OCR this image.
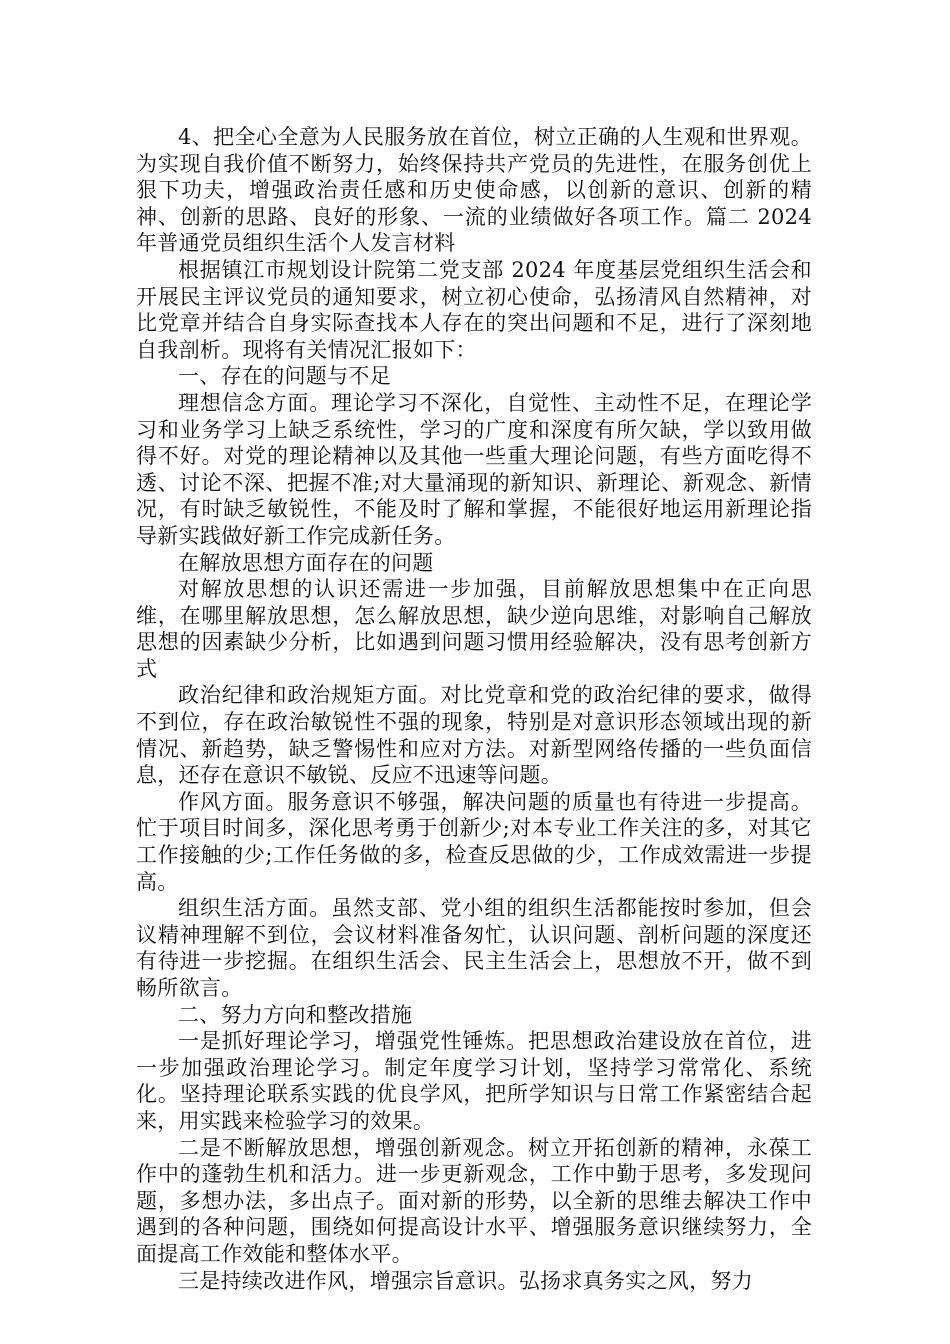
4、把全心全意为人民服务放在首位，树立正确的人生观和世界观。为实现自我价值不断努力，始终保持共产党员的先进性，在服务创优上狠下功夫，增强政治责任感和历史使命感，以创新的意识、创新的精神、创新的思路、良好的形象、一流的业绩做好各项工作。篇二 2024 年普通党员组织生活个人发言材料

根据镇江市规划设计院第二党支部 2024 年度基层党组织生活会和开展民主评议党员的通知要求，树立初心使命，弘扬清风自然精神，对比党章并结合自身实际查找本人存在的突出问题和不足，进行了深刻地自我剖析。现将有关情况汇报如下：

一、存在的问题与不足

理想信念方面。理论学习不深化，自觉性、主动性不足，在理论学习和业务学习上缺乏系统性，学习的广度和深度有所欠缺，学以致用做得不好。对党的理论精神以及其他一些重大理论问题，有些方面吃得不透、讨论不深、把握不准;对大量涌现的新知识、新理论、新观念、新情况，有时缺乏敏锐性，不能及时了解和掌握，不能很好地运用新理论指导新实践做好新工作完成新任务。

在解放思想方面存在的问题

对解放思想的认识还需进一步加强，目前解放思想集中在正向思维，在哪里解放思想，怎么解放思想，缺少逆向思维，对影响自己解放思想的因素缺少分析，比如遇到问题习惯用经验解决，没有思考创新方式

政治纪律和政治规矩方面。对比党章和党的政治纪律的要求，做得不到位，存在政治敏锐性不强的现象，特别是对意识形态领域出现的新情况、新趋势，缺乏警惕性和应对方法。对新型网络传播的一些负面信息，还存在意识不敏锐、反应不迅速等问题。

作风方面。服务意识不够强，解决问题的质量也有待进一步提高。忙于项目时间多，深化思考勇于创新少;对本专业工作关注的多，对其它工作接触的少;工作任务做的多，检查反思做的少，工作成效需进一步提高。

组织生活方面。虽然支部、党小组的组织生活都能按时参加，但会议精神理解不到位，会议材料准备匆忙，认识问题、剖析问题的深度还有待进一步挖掘。在组织生活会、民主生活会上，思想放不开，做不到畅所欲言。

二、努力方向和整改措施

一是抓好理论学习，增强党性锤炼。把思想政治建设放在首位，进一步加强政治理论学习。制定年度学习计划，坚持学习常常化、系统化。坚持理论联系实践的优良学风，把所学知识与日常工作紧密结合起来，用实践来检验学习的效果。

二是不断解放思想，增强创新观念。树立开拓创新的精神，永葆工作中的蓬勃生机和活力。进一步更新观念，工作中勤于思考，多发现问题，多想办法，多出点子。面对新的形势，以全新的思维去解决工作中遇到的各种问题，围绕如何提高设计水平、增强服务意识继续努力，全面提高工作效能和整体水平。

三是持续改进作风，增强宗旨意识。弘扬求真务实之风，努力
